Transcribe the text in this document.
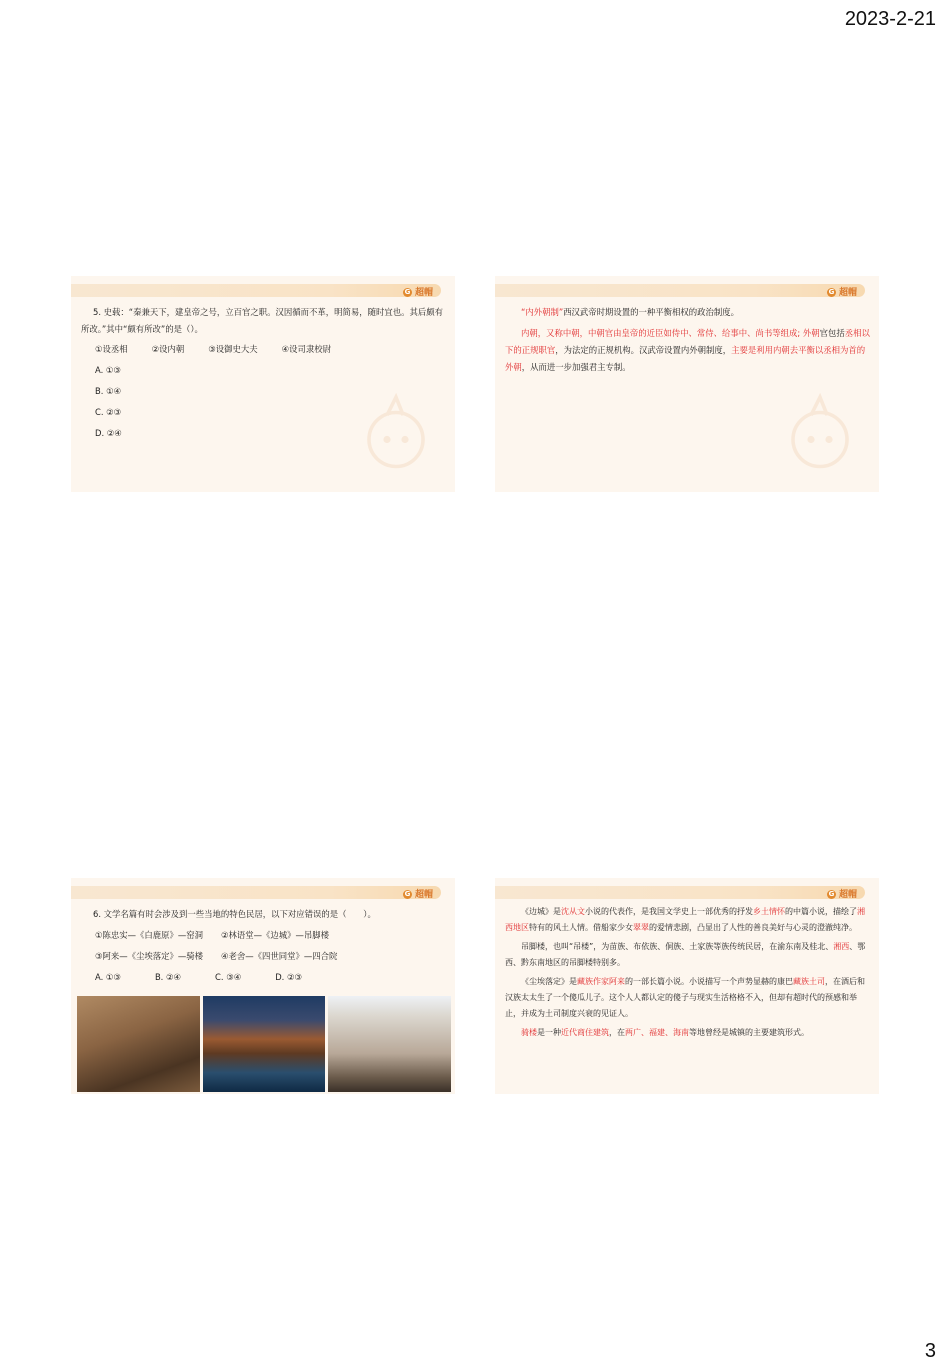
2023-2-21
G 超帽

5. 史载：“秦兼天下，建皇帝之号，立百官之职。汉因循而不革，明简易，随时宜也。其后颇有所改。”其中“颇有所改”的是（）。

①设丞相	②设内朝	③设御史大夫	④设司隶校尉

A. ①③

B. ①④

C. ②③

D. ②④

G 超帽

“内外朝制”西汉武帝时期设置的一种平衡相权的政治制度。

内朝，又称中朝，中朝官由皇帝的近臣如侍中、常侍、给事中、尚书等组成; 外朝官包括丞相以下的正规职官，为法定的正规机构。汉武帝设置内外朝制度，主要是利用内朝去平衡以丞相为首的外朝，从而进一步加强君主专制。

G 超帽

6. 文学名篇有时会涉及到一些当地的特色民居，以下对应错误的是（　　）。

①陈忠实—《白鹿原》—窑洞 ②林语堂—《边城》—吊脚楼
③阿来—《尘埃落定》—骑楼 ④老舍—《四世同堂》—四合院
A. ①③	B. ②④	C. ③④	D. ②③
G 超帽

《边城》是沈从文小说的代表作，是我国文学史上一部优秀的抒发乡土情怀的中篇小说，描绘了湘西地区特有的风土人情。借船家少女翠翠的爱情悲剧，凸显出了人性的善良美好与心灵的澄澈纯净。

吊脚楼，也叫“吊楼”，为苗族、布依族、侗族、土家族等族传统民居，在渝东南及桂北、湘西、鄂西、黔东南地区的吊脚楼特别多。

《尘埃落定》是藏族作家阿来的一部长篇小说。小说描写一个声势显赫的康巴藏族土司，在酒后和汉族太太生了一个傻瓜儿子。这个人人都认定的傻子与现实生活格格不入，但却有超时代的预感和举止，并成为土司制度兴衰的见证人。

骑楼是一种近代商住建筑，在两广、福建、海南等地曾经是城镇的主要建筑形式。

3
